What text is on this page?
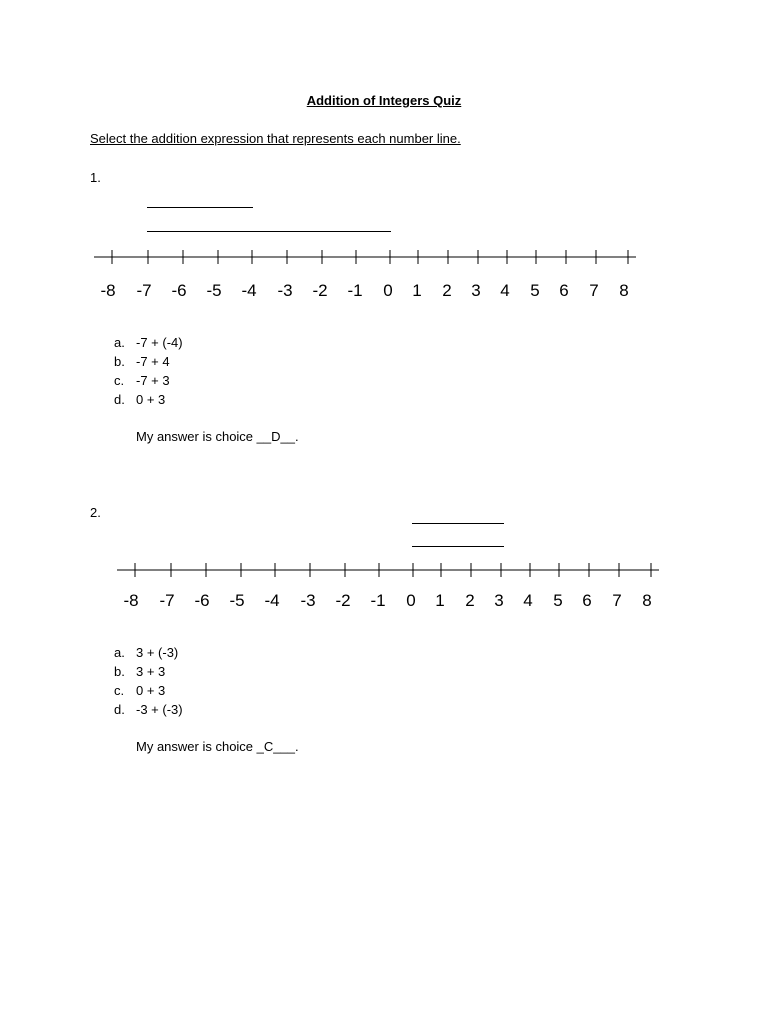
Addition of Integers Quiz
Select the addition expression that represents each number line.
1.
-8 -7 -6 -5 -4 -3 -2 -1 0 1 2 3 4 5 6 7 8
a. -7 + (-4)
b. -7 + 4
c. -7 + 3
d. 0 + 3
My answer is choice __D__.
2.
-8 -7 -6 -5 -4 -3 -2 -1 0 1 2 3 4 5 6 7 8
a. 3 + (-3)
b. 3 + 3
c. 0 + 3
d. -3 + (-3)
My answer is choice _C___.
